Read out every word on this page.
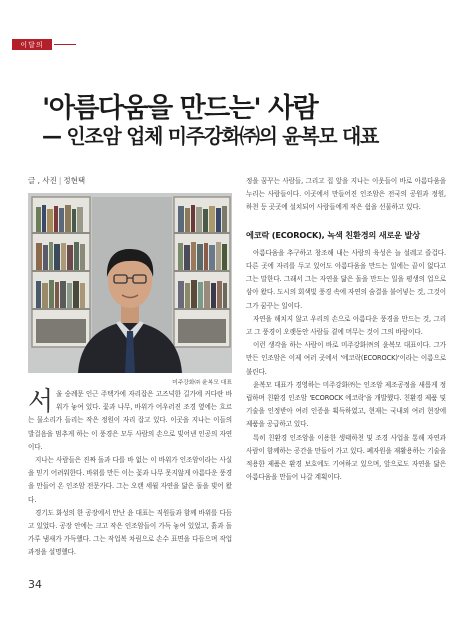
이달의
'아름다움을 만드는' 사람
— 인조암 업체 미주강화㈜의 윤복모 대표
글 , 사진 | 정현택
미주강화㈜ 윤복모 대표
서 울 숭례문 인근 주택가에 자리잡은 고즈넉한 길가에 커다란 바위가 놓여 있다. 꽃과 나무, 바위가 어우러진 조경 옆에는 흐르는 물소리가 들리는 작은 정원이 자리 잡고 있다. 이곳을 지나는 이들의 발걸음을 멈추게 하는 이 풍경은 모두 사람의 손으로 빚어낸 인공의 자연이다.

지나는 사람들은 진짜 돌과 다를 바 없는 이 바위가 인조암이라는 사실을 믿기 어려워한다. 바위를 만든 이는 꽃과 나무 못지않게 아름다운 풍경을 만들어 온 인조암 전문가다. 그는 오랜 세월 자연을 닮은 돌을 빚어 왔다.

경기도 화성의 한 공장에서 만난 윤 대표는 직원들과 함께 바위를 다듬고 있었다. 공장 안에는 크고 작은 인조암들이 가득 놓여 있었고, 흙과 돌가루 냄새가 가득했다. 그는 작업복 차림으로 손수 표면을 다듬으며 작업 과정을 설명했다.

정을 꿈꾸는 사람들, 그리고 집 앞을 지나는 이웃들이 바로 아름다움을 누리는 사람들이다. 이곳에서 만들어진 인조암은 전국의 공원과 정원, 하천 등 곳곳에 설치되어 사람들에게 작은 쉼을 선물하고 있다.

에코락 (ECOROCK), 녹색 친환경의 새로운 발상

아름다움을 추구하고 창조해 내는 사람의 육성은 늘 설레고 즐겁다. 다른 곳에 자리를 두고 있어도 아름다움을 만드는 일에는 끝이 없다고 그는 말한다. 그래서 그는 자연을 닮은 돌을 만드는 일을 평생의 업으로 삼아 왔다. 도시의 회색빛 풍경 속에 자연의 숨결을 불어넣는 것, 그것이 그가 꿈꾸는 일이다.

자연을 해치지 않고 우리의 손으로 아름다운 풍경을 만드는 것, 그리고 그 풍경이 오랫동안 사람들 곁에 머무는 것이 그의 바람이다.

이런 생각을 하는 사람이 바로 미주강화㈜의 윤복모 대표이다. 그가 만든 인조암은 이제 여러 곳에서 '에코락(ECOROCK)'이라는 이름으로 불린다.

윤복모 대표가 경영하는 미주강화㈜는 인조암 제조공정을 새롭게 정립하며 친환경 인조암 'ECOROCK 에코락'을 개발했다. 친환경 제품 및 기술을 인정받아 여러 인증을 획득하였고, 현재는 국내외 여러 현장에 제품을 공급하고 있다.

특히 친환경 인조암을 이용한 생태하천 및 조경 사업을 통해 자연과 사람이 함께하는 공간을 만들어 가고 있다. 폐자원을 재활용하는 기술을 적용한 제품은 환경 보호에도 기여하고 있으며, 앞으로도 자연을 닮은 아름다움을 만들어 나갈 계획이다.

34
